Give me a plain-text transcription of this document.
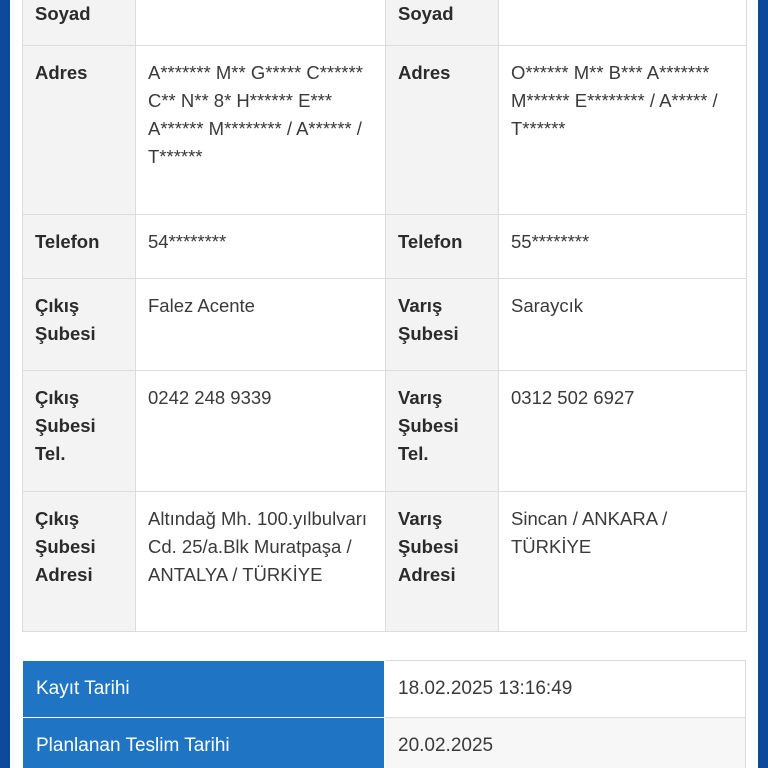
Soyad		Soyad	
Adres	A******* M** G***** C****** C** N** 8* H****** E*** A****** M******** / A****** / T******	Adres	O****** M** B*** A******* M****** E******** / A***** / T******
Telefon	54********	Telefon	55********
Çıkış Şubesi	Falez Acente	Varış Şubesi	Saraycık
Çıkış Şubesi Tel.	0242 248 9339	Varış Şubesi Tel.	0312 502 6927
Çıkış Şubesi Adresi	Altındağ Mh. 100.yılbulvarı Cd. 25/a.Blk Muratpaşa / ANTALYA / TÜRKİYE	Varış Şubesi Adresi	Sincan / ANKARA / TÜRKİYE
Kayıt Tarihi	18.02.2025 13:16:49
Planlanan Teslim Tarihi	20.02.2025
